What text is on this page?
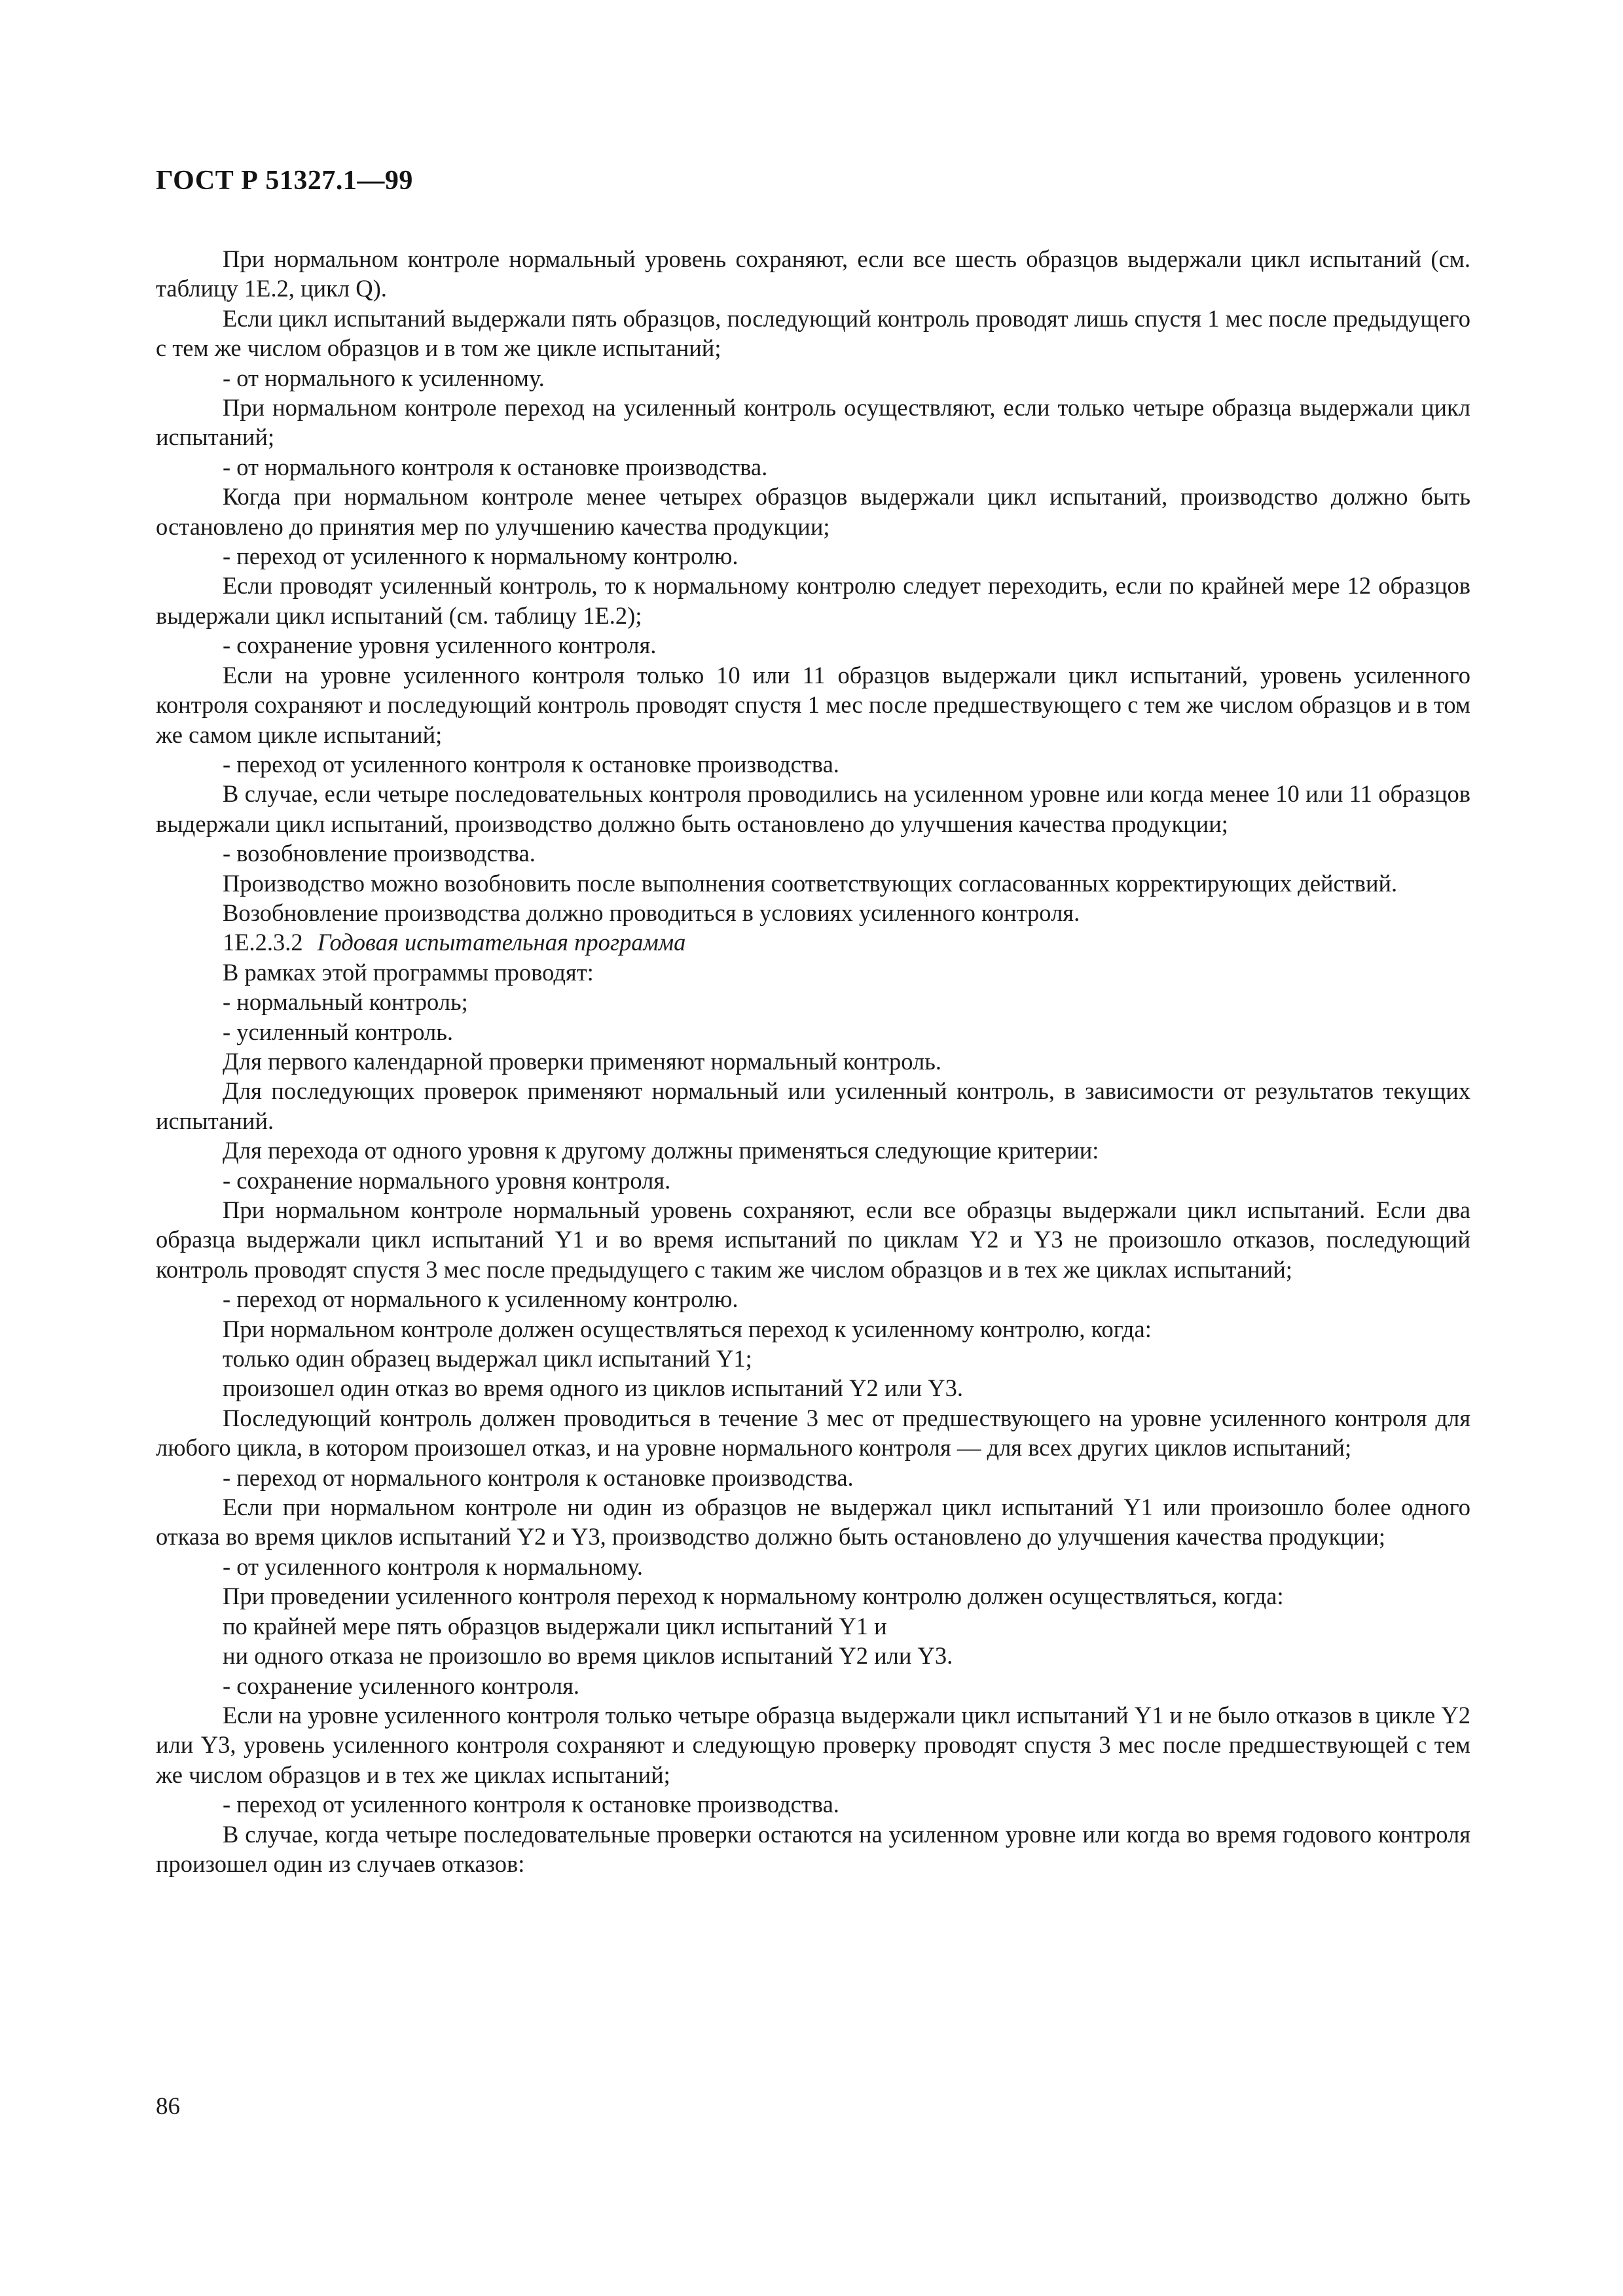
ГОСТ Р 51327.1—99

При нормальном контроле нормальный уровень сохраняют, если все шесть образцов выдержали цикл испытаний (см. таблицу 1Е.2, цикл Q).

Если цикл испытаний выдержали пять образцов, последующий контроль проводят лишь спустя 1 мес после предыдущего с тем же числом образцов и в том же цикле испытаний;

- от нормального к усиленному.

При нормальном контроле переход на усиленный контроль осуществляют, если только четыре образца выдержали цикл испытаний;

- от нормального контроля к остановке производства.

Когда при нормальном контроле менее четырех образцов выдержали цикл испытаний, производство должно быть остановлено до принятия мер по улучшению качества продукции;

- переход от усиленного к нормальному контролю.

Если проводят усиленный контроль, то к нормальному контролю следует переходить, если по крайней мере 12 образцов выдержали цикл испытаний (см. таблицу 1Е.2);

- сохранение уровня усиленного контроля.

Если на уровне усиленного контроля только 10 или 11 образцов выдержали цикл испытаний, уровень усиленного контроля сохраняют и последующий контроль проводят спустя 1 мес после предшествующего с тем же числом образцов и в том же самом цикле испытаний;

- переход от усиленного контроля к остановке производства.

В случае, если четыре последовательных контроля проводились на усиленном уровне или когда менее 10 или 11 образцов выдержали цикл испытаний, производство должно быть остановлено до улучшения качества продукции;

- возобновление производства.

Производство можно возобновить после выполнения соответствующих согласованных корректирующих действий.

Возобновление производства должно проводиться в условиях усиленного контроля.

1Е.2.3.2 Годовая испытательная программа

В рамках этой программы проводят:

- нормальный контроль;

- усиленный контроль.

Для первого календарной проверки применяют нормальный контроль.

Для последующих проверок применяют нормальный или усиленный контроль, в зависимости от результатов текущих испытаний.

Для перехода от одного уровня к другому должны применяться следующие критерии:

- сохранение нормального уровня контроля.

При нормальном контроле нормальный уровень сохраняют, если все образцы выдержали цикл испытаний. Если два образца выдержали цикл испытаний Y1 и во время испытаний по циклам Y2 и Y3 не произошло отказов, последующий контроль проводят спустя 3 мес после предыдущего с таким же числом образцов и в тех же циклах испытаний;

- переход от нормального к усиленному контролю.

При нормальном контроле должен осуществляться переход к усиленному контролю, когда:

только один образец выдержал цикл испытаний Y1;

произошел один отказ во время одного из циклов испытаний Y2 или Y3.

Последующий контроль должен проводиться в течение 3 мес от предшествующего на уровне усиленного контроля для любого цикла, в котором произошел отказ, и на уровне нормального контроля — для всех других циклов испытаний;

- переход от нормального контроля к остановке производства.

Если при нормальном контроле ни один из образцов не выдержал цикл испытаний Y1 или произошло более одного отказа во время циклов испытаний Y2 и Y3, производство должно быть остановлено до улучшения качества продукции;

- от усиленного контроля к нормальному.

При проведении усиленного контроля переход к нормальному контролю должен осуществляться, когда:

по крайней мере пять образцов выдержали цикл испытаний Y1 и

ни одного отказа не произошло во время циклов испытаний Y2 или Y3.

- сохранение усиленного контроля.

Если на уровне усиленного контроля только четыре образца выдержали цикл испытаний Y1 и не было отказов в цикле Y2 или Y3, уровень усиленного контроля сохраняют и следующую проверку проводят спустя 3 мес после предшествующей с тем же числом образцов и в тех же циклах испытаний;

- переход от усиленного контроля к остановке производства.

В случае, когда четыре последовательные проверки остаются на усиленном уровне или когда во время годового контроля произошел один из случаев отказов:

86
